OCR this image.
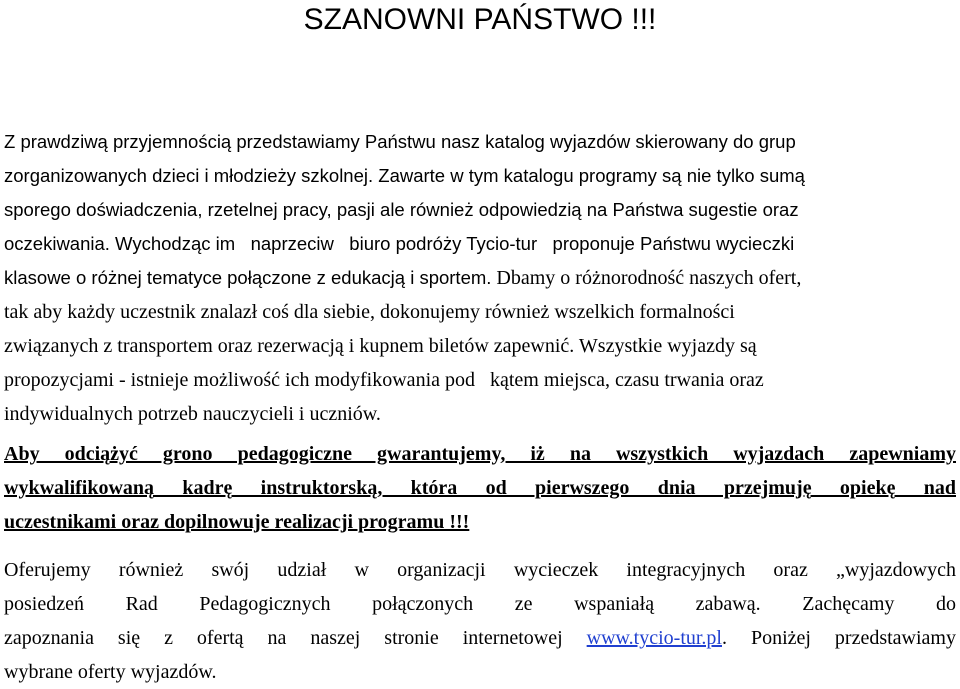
SZANOWNI PAŃSTWO !!!
Z prawdziwą przyjemnością przedstawiamy Państwu nasz katalog wyjazdów skierowany do grup
zorganizowanych dzieci i młodzieży szkolnej. Zawarte w tym katalogu programy są nie tylko sumą
sporego doświadczenia, rzetelnej pracy, pasji ale również odpowiedzią na Państwa sugestie oraz
oczekiwania. Wychodząc im   naprzeciw   biuro podróży Tycio-tur   proponuje Państwu wycieczki
klasowe o różnej tematyce połączone z edukacją i sportem. Dbamy o różnorodność naszych ofert,
tak aby każdy uczestnik znalazł coś dla siebie, dokonujemy również wszelkich formalności
związanych z transportem oraz rezerwacją i kupnem biletów zapewnić. Wszystkie wyjazdy są
propozycjami - istnieje możliwość ich modyfikowania pod   kątem miejsca, czasu trwania oraz
indywidualnych potrzeb nauczycieli i uczniów.
Aby odciążyć grono pedagogiczne gwarantujemy, iż na wszystkich wyjazdach zapewniamy
wykwalifikowaną kadrę instruktorską, która od pierwszego dnia przejmuję opiekę nad
uczestnikami oraz dopilnowuje realizacji programu !!!
Oferujemy również swój udział w organizacji wycieczek integracyjnych oraz „wyjazdowych
posiedzeń Rad Pedagogicznych połączonych ze wspaniałą zabawą. Zachęcamy do
zapoznania się z ofertą na naszej stronie internetowej www.tycio-tur.pl. Poniżej przedstawiamy
wybrane oferty wyjazdów.
